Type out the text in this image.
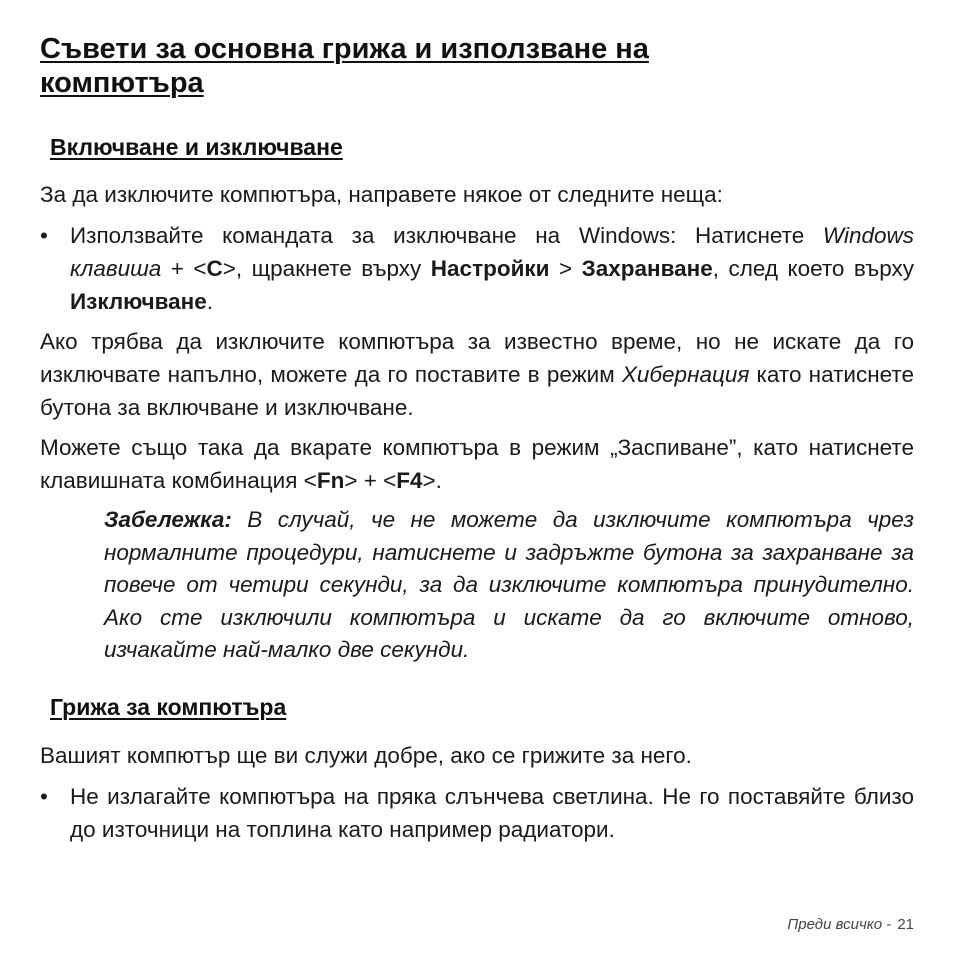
Съвети за основна грижа и използване на
компютъра
Включване и изключване

За да изключите компютъра, направете някое от следните неща:

• Използвайте командата за изключване на Windows: Натиснете Windows клавиша + <C>, щракнете върху Настройки > Захранване, след което върху Изключване.

Ако трябва да изключите компютъра за известно време, но не искате да го изключвате напълно, можете да го поставите в режим Хибернация като натиснете бутона за включване и изключване.

Можете също така да вкарате компютъра в режим „Заспиване”, като натиснете клавишната комбинация <Fn> + <F4>.

Забележка: В случай, че не можете да изключите компютъра чрез нормалните процедури, натиснете и задръжте бутона за захранване за повече от четири секунди, за да изключите компютъра принудително. Ако сте изключили компютъра и искате да го включите отново, изчакайте най-малко две секунди.
Грижа за компютъра

Вашият компютър ще ви служи добре, ако се грижите за него.

• Не излагайте компютъра на пряка слънчева светлина. Не го поставяйте близо до източници на топлина като например радиатори.
Преди всичко - 21
